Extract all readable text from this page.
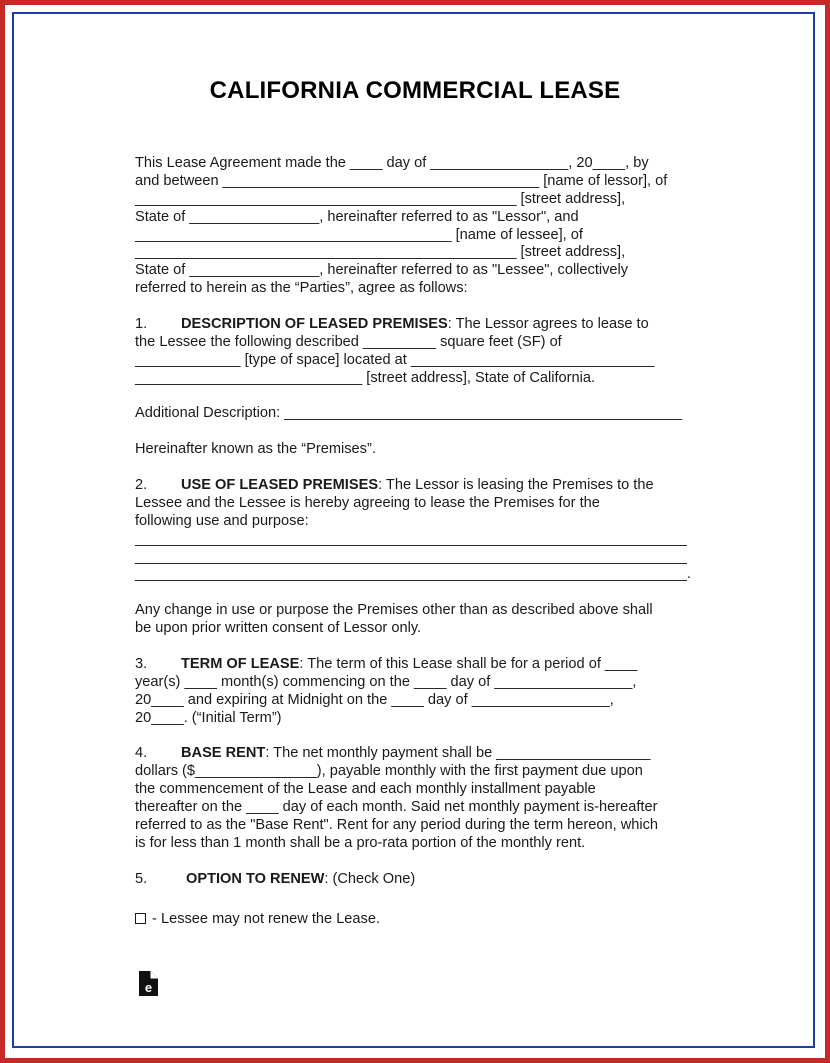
CALIFORNIA COMMERCIAL LEASE
This Lease Agreement made the ____ day of _________________, 20____, by
and between _______________________________________ [name of lessor], of
_______________________________________________ [street address],
State of ________________, hereinafter referred to as "Lessor", and
_______________________________________ [name of lessee], of
_______________________________________________ [street address],
State of ________________, hereinafter referred to as "Lessee", collectively
referred to herein as the “Parties”, agree as follows:
1. DESCRIPTION OF LEASED PREMISES: The Lessor agrees to lease to
the Lessee the following described _________ square feet (SF) of
_____________ [type of space] located at ______________________________
____________________________ [street address], State of California.
Additional Description: _________________________________________________
Hereinafter known as the “Premises”.
2. USE OF LEASED PREMISES: The Lessor is leasing the Premises to the
Lessee and the Lessee is hereby agreeing to lease the Premises for the
following use and purpose:
____________________________________________________________________
____________________________________________________________________
____________________________________________________________________.
Any change in use or purpose the Premises other than as described above shall
be upon prior written consent of Lessor only.
3. TERM OF LEASE: The term of this Lease shall be for a period of ____
year(s) ____ month(s) commencing on the ____ day of _________________,
20____ and expiring at Midnight on the ____ day of _________________,
20____. (“Initial Term”)
4. BASE RENT: The net monthly payment shall be ___________________
dollars ($_______________), payable monthly with the first payment due upon
the commencement of the Lease and each monthly installment payable
thereafter on the ____ day of each month. Said net monthly payment is-hereafter
referred to as the "Base Rent". Rent for any period during the term hereon, which
is for less than 1 month shall be a pro-rata portion of the monthly rent.
5.	OPTION TO RENEW: (Check One)
- Lessee may not renew the Lease.
e
